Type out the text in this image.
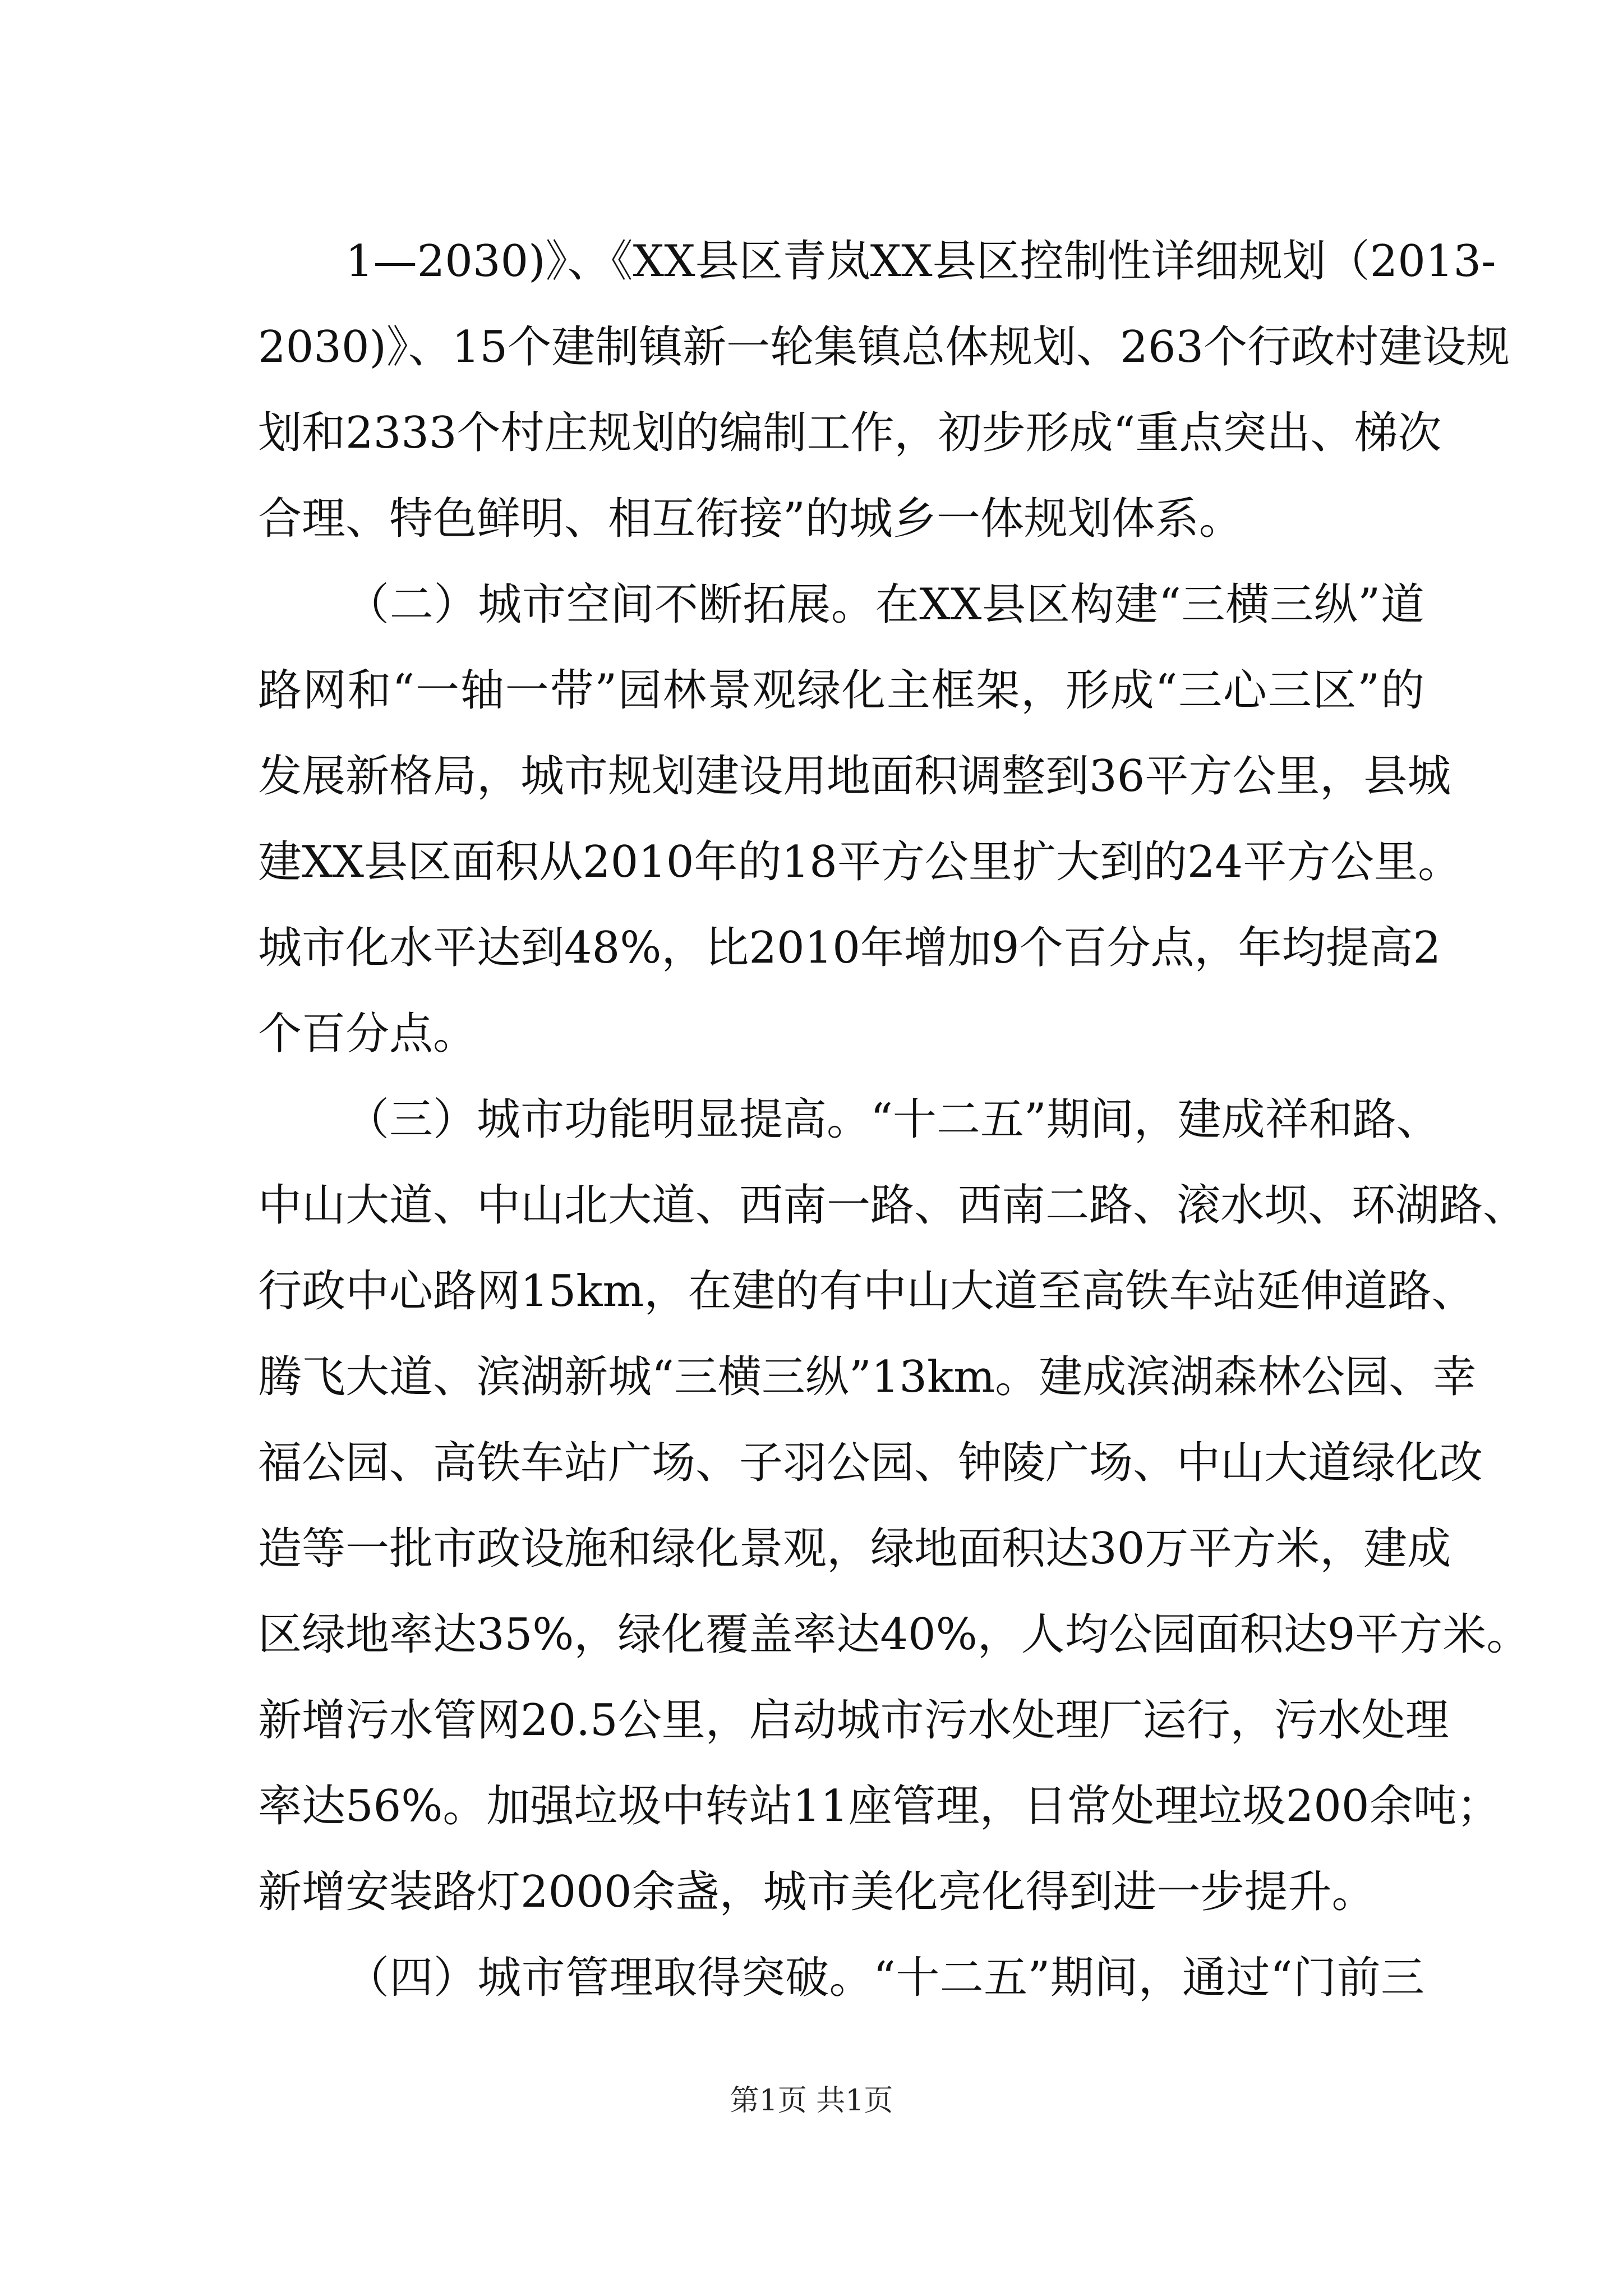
1—2030)》、《XX县区青岚XX县区控制性详细规划（2013-
2030)》、15个建制镇新一轮集镇总体规划、263个行政村建设规
划和2333个村庄规划的编制工作，初步形成“重点突出、梯次
合理、特色鲜明、相互衔接”的城乡一体规划体系。
（二）城市空间不断拓展。在XX县区构建“三横三纵”道
路网和“一轴一带”园林景观绿化主框架，形成“三心三区”的
发展新格局，城市规划建设用地面积调整到36平方公里，县城
建XX县区面积从2010年的18平方公里扩大到的24平方公里。
城市化水平达到48%，比2010年增加9个百分点，年均提高2
个百分点。
（三）城市功能明显提高。“十二五”期间，建成祥和路、
中山大道、中山北大道、西南一路、西南二路、滚水坝、环湖路、
行政中心路网15km，在建的有中山大道至高铁车站延伸道路、
腾飞大道、滨湖新城“三横三纵”13km。建成滨湖森林公园、幸
福公园、高铁车站广场、子羽公园、钟陵广场、中山大道绿化改
造等一批市政设施和绿化景观，绿地面积达30万平方米，建成
区绿地率达35%，绿化覆盖率达40%，人均公园面积达9平方米。
新增污水管网20.5公里，启动城市污水处理厂运行，污水处理
率达56%。加强垃圾中转站11座管理，日常处理垃圾200余吨；
新增安装路灯2000余盏，城市美化亮化得到进一步提升。
（四）城市管理取得突破。“十二五”期间，通过“门前三
第1页 共1页
